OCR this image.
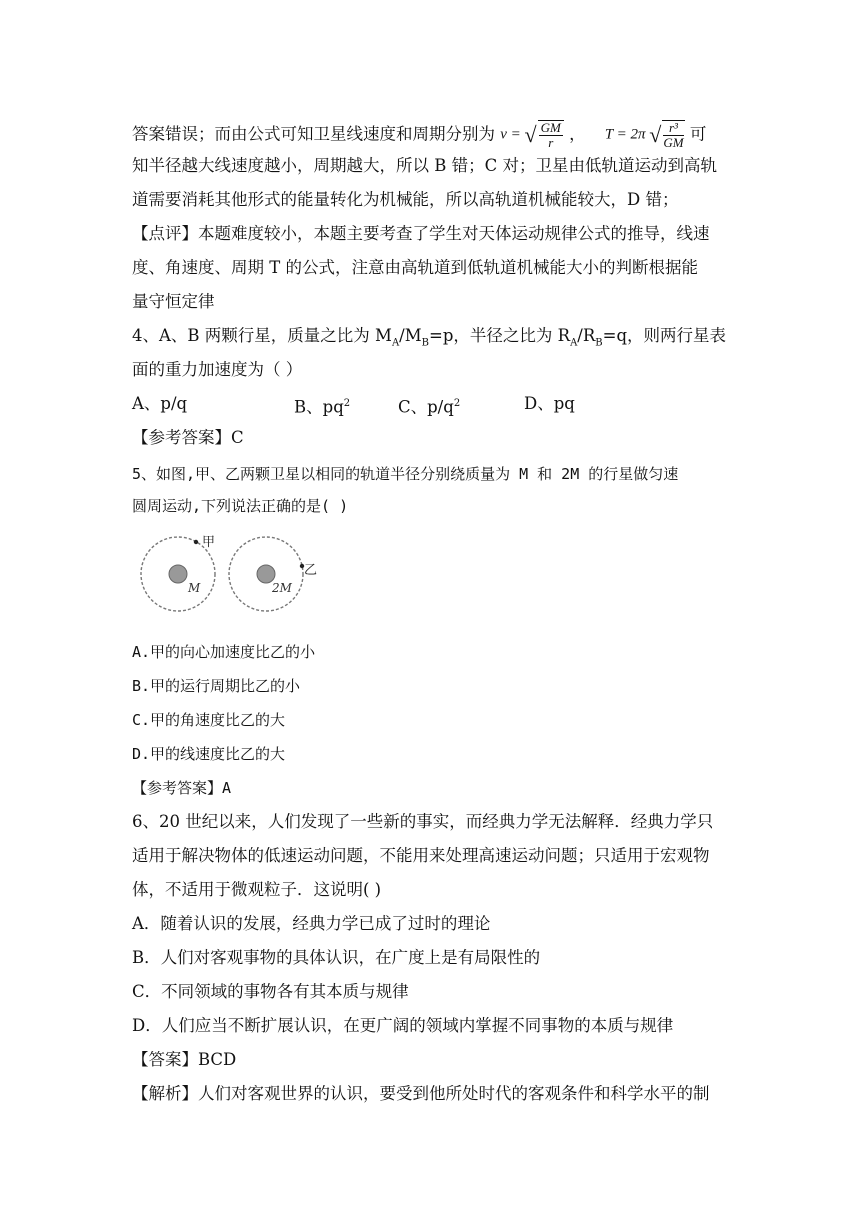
答案错误；而由公式可知卫星线速度和周期分别为 v = √ $\frac{GM}{r}$ ， T = 2π √ $\frac{\text{r³}}{GM}$ 可
知半径越大线速度越小，周期越大，所以 B 错；C 对；卫星由低轨道运动到高轨
道需要消耗其他形式的能量转化为机械能，所以高轨道机械能较大，D 错；
【点评】本题难度较小，本题主要考查了学生对天体运动规律公式的推导，线速
度、角速度、周期 T 的公式，注意由高轨道到低轨道机械能大小的判断根据能
量守恒定律
4、A、B 两颗行星，质量之比为 $M_A/M_B=p$，半径之比为 $R_A/R_B=q$，则两行星表
面的重力加速度为（ ）
A、p/q	B、$pq^2$	C、$p/q^2$	D、pq
【参考答案】C
5、如图,甲、乙两颗卫星以相同的轨道半径分别绕质量为 M 和 2M 的行星做匀速
圆周运动,下列说法正确的是( )
甲
M
乙
2M
A.甲的向心加速度比乙的小
B.甲的运行周期比乙的小
C.甲的角速度比乙的大
D.甲的线速度比乙的大
【参考答案】A
6、20 世纪以来，人们发现了一些新的事实，而经典力学无法解释．经典力学只
适用于解决物体的低速运动问题，不能用来处理高速运动问题；只适用于宏观物
体，不适用于微观粒子．这说明( )
A．随着认识的发展，经典力学已成了过时的理论
B．人们对客观事物的具体认识，在广度上是有局限性的
C．不同领域的事物各有其本质与规律
D．人们应当不断扩展认识，在更广阔的领域内掌握不同事物的本质与规律
【答案】BCD
【解析】人们对客观世界的认识，要受到他所处时代的客观条件和科学水平的制
